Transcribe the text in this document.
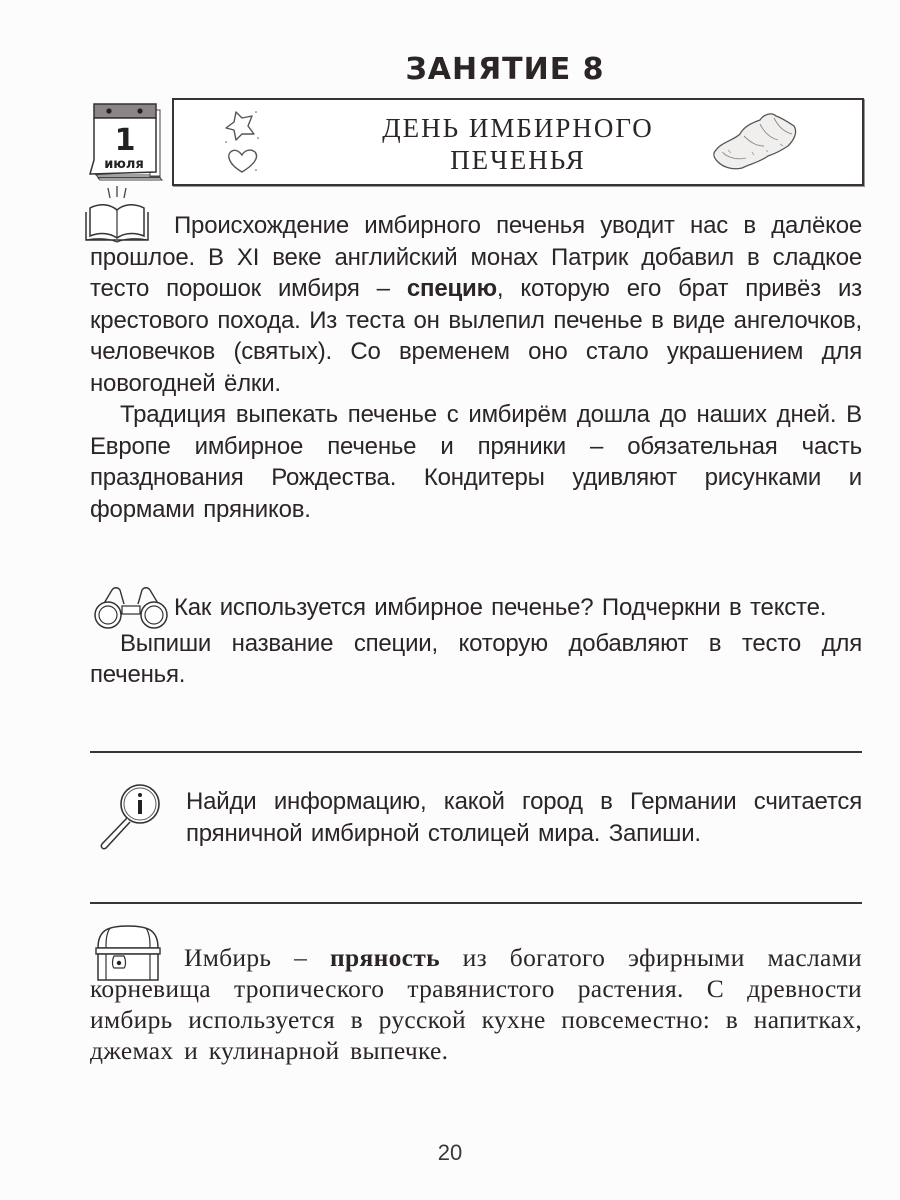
ЗАНЯТИЕ 8
1
июля
ДЕНЬ ИМБИРНОГО
ПЕЧЕНЬЯ

Происхождение имбирного печенья уводит нас в далёкое прошлое. В XI веке английский монах Патрик добавил в сладкое тесто порошок имбиря – специю, которую его брат привёз из крестового похода. Из теста он вылепил печенье в виде ангелочков, человечков (святых). Со временем оно стало украшением для новогодней ёлки.

Традиция выпекать печенье с имбирём дошла до наших дней. В Европе имбирное печенье и пряники – обязательная часть празднования Рождества. Кондитеры удивляют рисунками и формами пряников.

Как используется имбирное печенье? Подчеркни в тексте.

Выпиши название специи, которую добавляют в тесто для печенья.

Найди информацию, какой город в Германии считается пряничной имбирной столицей мира. Запиши.

Имбирь – пряность из богатого эфирными маслами корневища тропического травянистого растения. С древности имбирь используется в русской кухне повсеместно: в напитках, джемах и кулинарной выпечке.

20
